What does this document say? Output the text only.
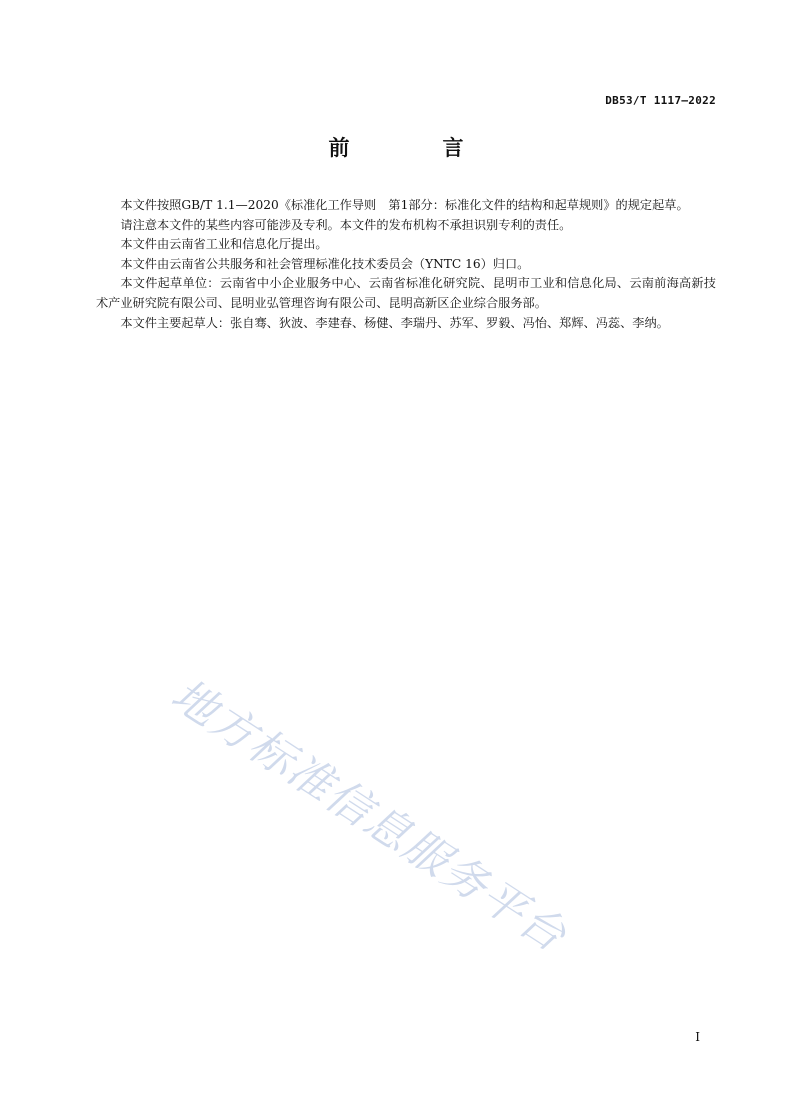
DB53/T 1117—2022
前　言

本文件按照GB/T 1.1—2020《标准化工作导则　第1部分：标准化文件的结构和起草规则》的规定起草。

请注意本文件的某些内容可能涉及专利。本文件的发布机构不承担识别专利的责任。

本文件由云南省工业和信息化厅提出。

本文件由云南省公共服务和社会管理标准化技术委员会（YNTC 16）归口。

本文件起草单位：云南省中小企业服务中心、云南省标准化研究院、昆明市工业和信息化局、云南前海高新技术产业研究院有限公司、昆明业弘管理咨询有限公司、昆明高新区企业综合服务部。

本文件主要起草人：张自骞、狄波、李建春、杨健、李瑞丹、苏军、罗毅、冯怡、郑辉、冯蕊、李纳。

地方标准信息服务平台
I
